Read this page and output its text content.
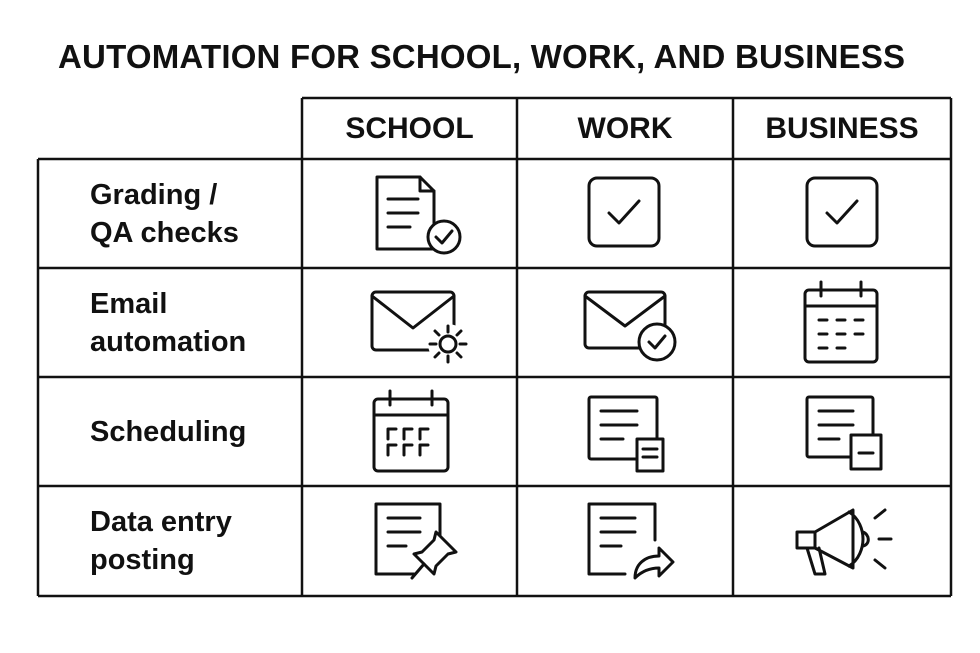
AUTOMATION FOR SCHOOL, WORK, AND BUSINESS
SCHOOL	WORK	BUSINESS
Grading /
QA checks
Email
automation
Scheduling
Data entry
posting
